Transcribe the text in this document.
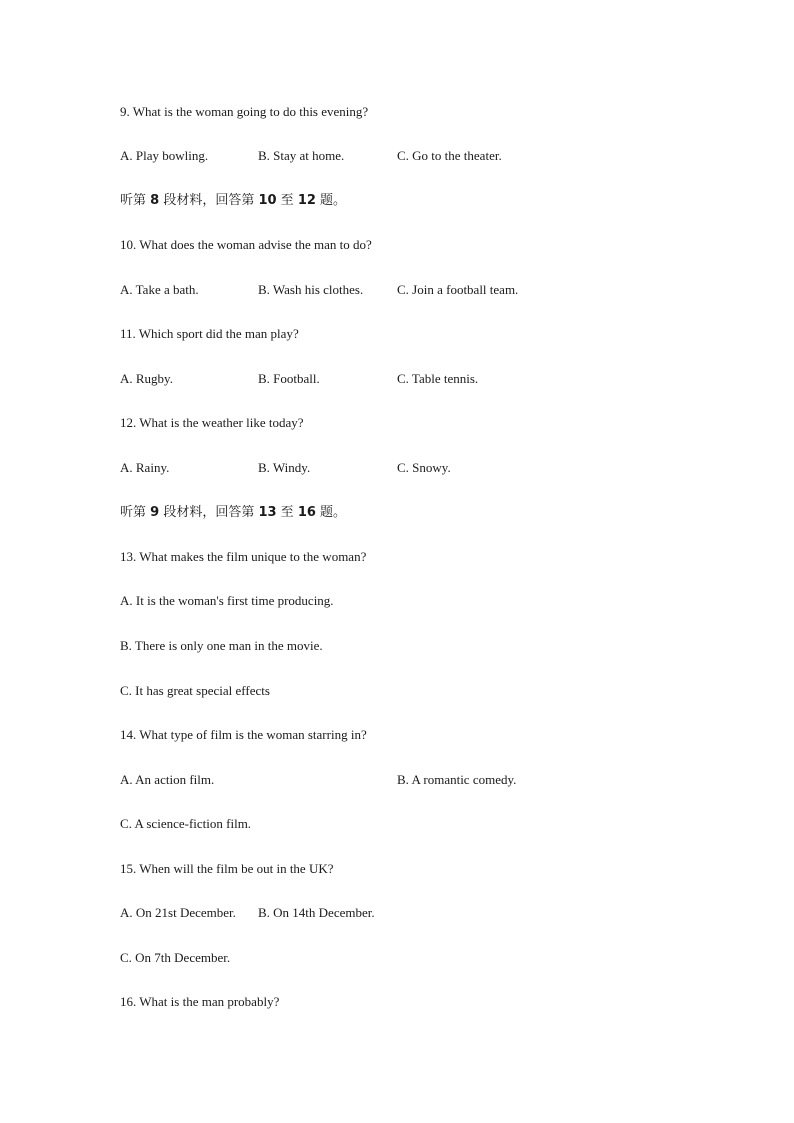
9. What is the woman going to do this evening?
A. Play bowling.	B. Stay at home.	C. Go to the theater.
听第 8 段材料，回答第 10 至 12 题。
10. What does the woman advise the man to do?
A. Take a bath.	B. Wash his clothes.	C. Join a football team.
11. Which sport did the man play?
A. Rugby.	B. Football.	C. Table tennis.
12. What is the weather like today?
A. Rainy.	B. Windy.	C. Snowy.
听第 9 段材料，回答第 13 至 16 题。
13. What makes the film unique to the woman?
A. It is the woman's first time producing.
B. There is only one man in the movie.
C. It has great special effects
14. What type of film is the woman starring in?
A. An action film.	B. A romantic comedy.
C. A science-fiction film.
15. When will the film be out in the UK?
A. On 21st December. B. On 14th December.
C. On 7th December.
16. What is the man probably?
